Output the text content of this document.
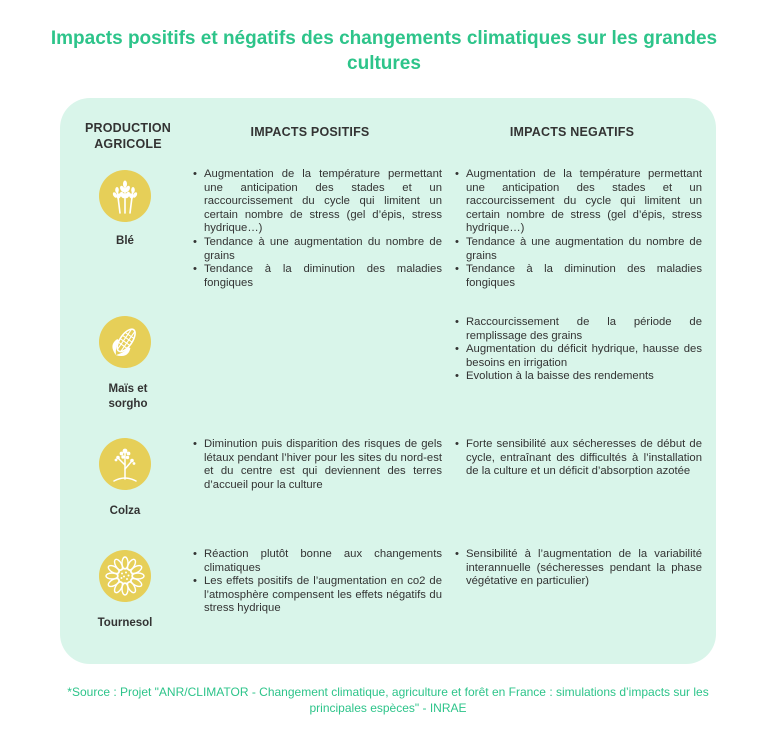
Impacts positifs et négatifs des changements climatiques sur les grandes cultures
PRODUCTION AGRICOLE
IMPACTS POSITIFS	IMPACTS NEGATIFS
Blé
• Augmentation de la température permettant une anticipation des stades et un raccourcissement du cycle qui limitent un certain nombre de stress (gel d’épis, stress hydrique…)
• Tendance à une augmentation du nombre de grains
• Tendance à la diminution des maladies fongiques
• Augmentation de la température permettant une anticipation des stades et un raccourcissement du cycle qui limitent un certain nombre de stress (gel d’épis, stress hydrique…)
• Tendance à une augmentation du nombre de grains
• Tendance à la diminution des maladies fongiques
Maïs et sorgho
• Raccourcissement de la période de remplissage des grains
• Augmentation du déficit hydrique, hausse des besoins en irrigation
• Evolution à la baisse des rendements
Colza
• Diminution puis disparition des risques de gels létaux pendant l’hiver pour les sites du nord-est et du centre est qui deviennent des terres d’accueil pour la culture
• Forte sensibilité aux sécheresses de début de cycle, entraînant des difficultés à l’installation de la culture et un déficit d’absorption azotée
Tournesol
• Réaction plutôt bonne aux changements climatiques
• Les effets positifs de l’augmentation en co2 de l’atmosphère compensent les effets négatifs du stress hydrique
• Sensibilité à l’augmentation de la variabilité interannuelle (sécheresses pendant la phase végétative en particulier)
*Source : Projet "ANR/CLIMATOR - Changement climatique, agriculture et forêt en France : simulations d’impacts sur les principales espèces" - INRAE
